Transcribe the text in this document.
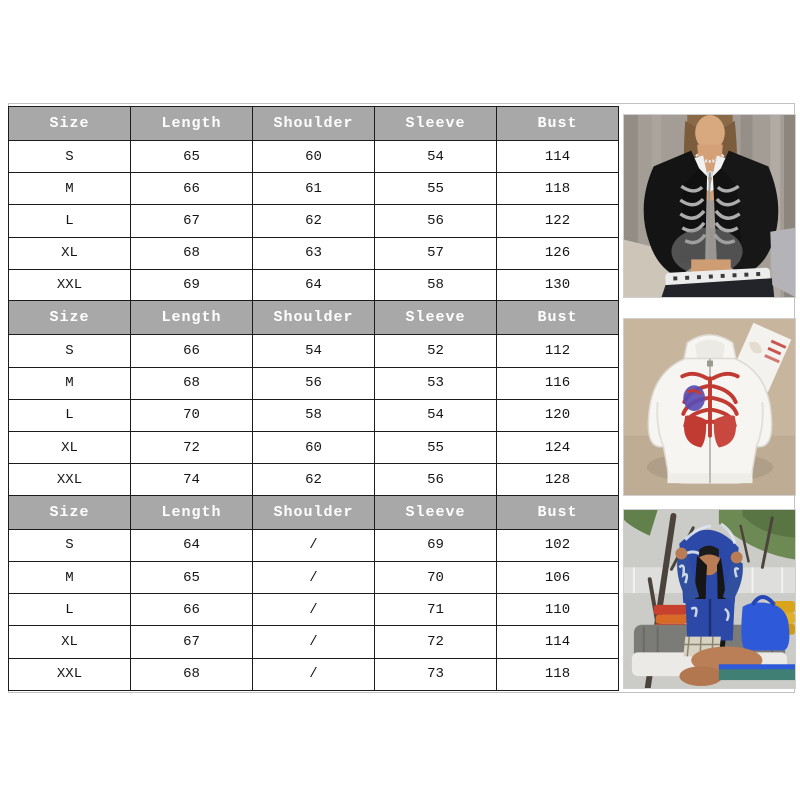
Size	Length	Shoulder	Sleeve	Bust
S	65	60	54	114
M	66	61	55	118
L	67	62	56	122
XL	68	63	57	126
XXL	69	64	58	130
Size	Length	Shoulder	Sleeve	Bust
S	66	54	52	112
M	68	56	53	116
L	70	58	54	120
XL	72	60	55	124
XXL	74	62	56	128
Size	Length	Shoulder	Sleeve	Bust
S	64	/	69	102
M	65	/	70	106
L	66	/	71	110
XL	67	/	72	114
XXL	68	/	73	118
